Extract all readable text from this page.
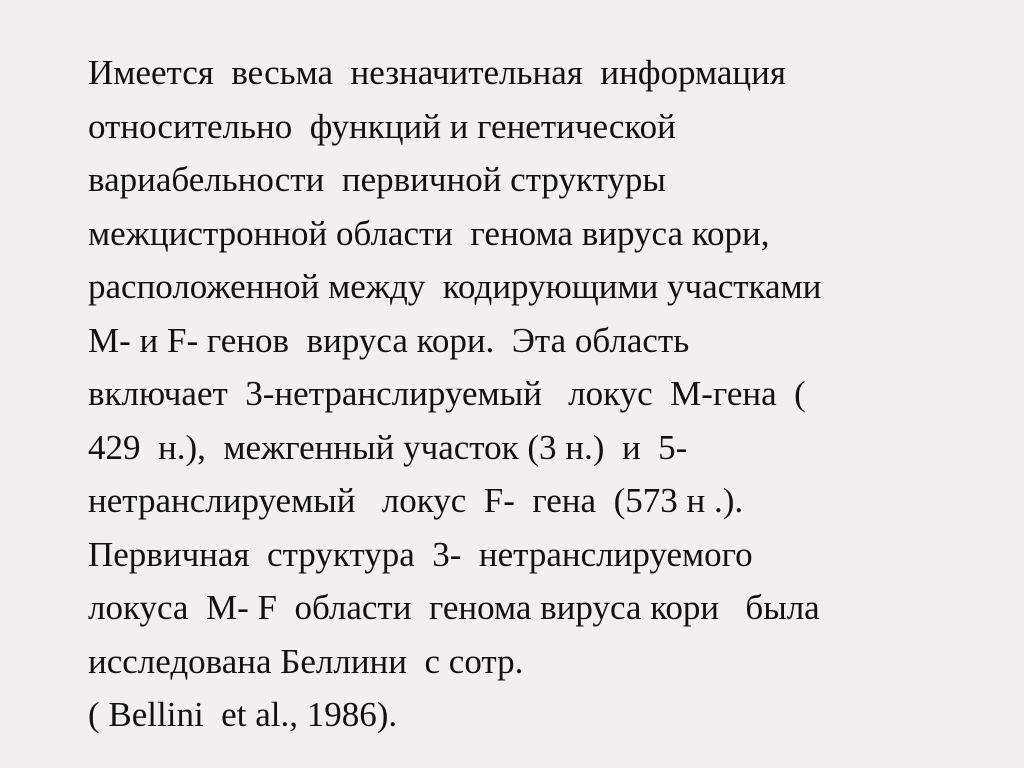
Имеется  весьма  незначительная  информация
относительно  функций и генетической
вариабельности  первичной структуры
межцистронной области  генома вируса кори,
расположенной между  кодирующими участками
М- и F- генов  вируса кори.  Эта область
включает  3-нетранслируемый   локус  М-гена  (
429  н.),  межгенный участок (3 н.)  и  5-
нетранслируемый   локус  F-  гена  (573 н .).
Первичная  структура  3-  нетранслируемого
локуса  М- F  области  генома вируса кори   была
исследована Беллини  с сотр.
( Bellini  et al., 1986).
